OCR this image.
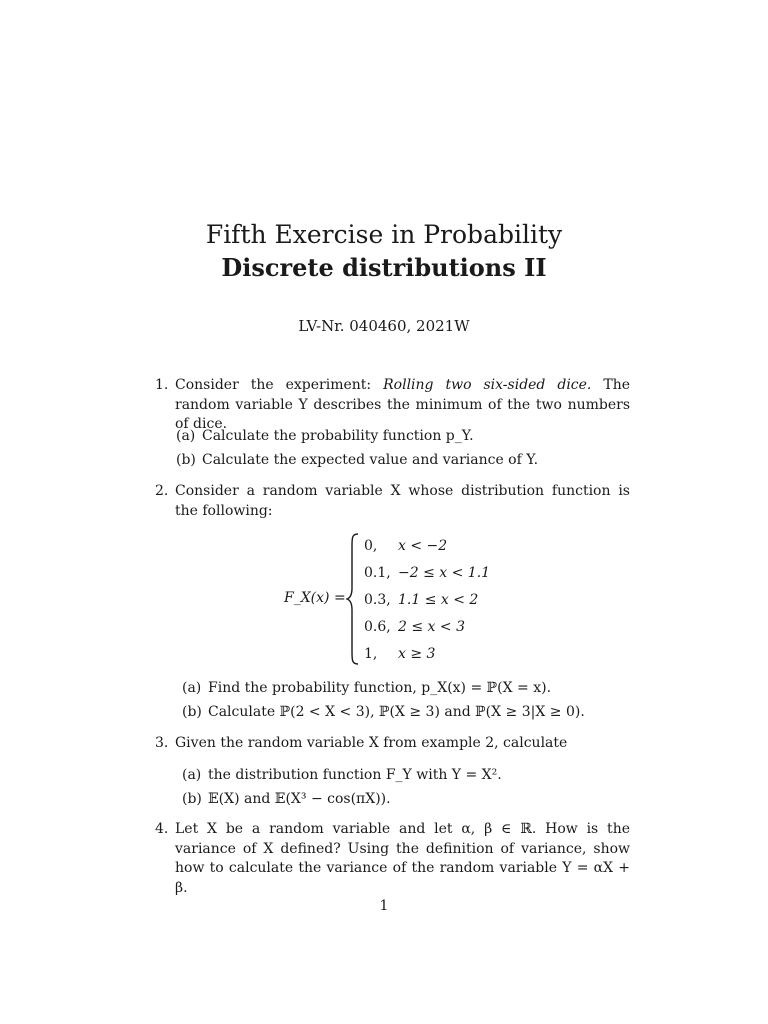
Fifth Exercise in Probability
Discrete distributions II
LV-Nr. 040460, 2021W
1. Consider the experiment: Rolling two six-sided dice. The random variable Y describes the minimum of the two numbers of dice.
(a) Calculate the probability function p_Y.
(b) Calculate the expected value and variance of Y.
2. Consider a random variable X whose distribution function is the following:
F_X(x) =
0, x < −2
0.1, −2 ≤ x < 1.1
0.3, 1.1 ≤ x < 2
0.6, 2 ≤ x < 3
1, x ≥ 3
(a) Find the probability function, p_X(x) = ℙ(X = x).
(b) Calculate ℙ(2 < X < 3), ℙ(X ≥ 3) and ℙ(X ≥ 3|X ≥ 0).
3. Given the random variable X from example 2, calculate
(a) the distribution function F_Y with Y = X².
(b) 𝔼(X) and 𝔼(X³ − cos(πX)).
4. Let X be a random variable and let α, β ∈ ℝ. How is the variance of X defined? Using the definition of variance, show how to calculate the variance of the random variable Y = αX + β.
1
